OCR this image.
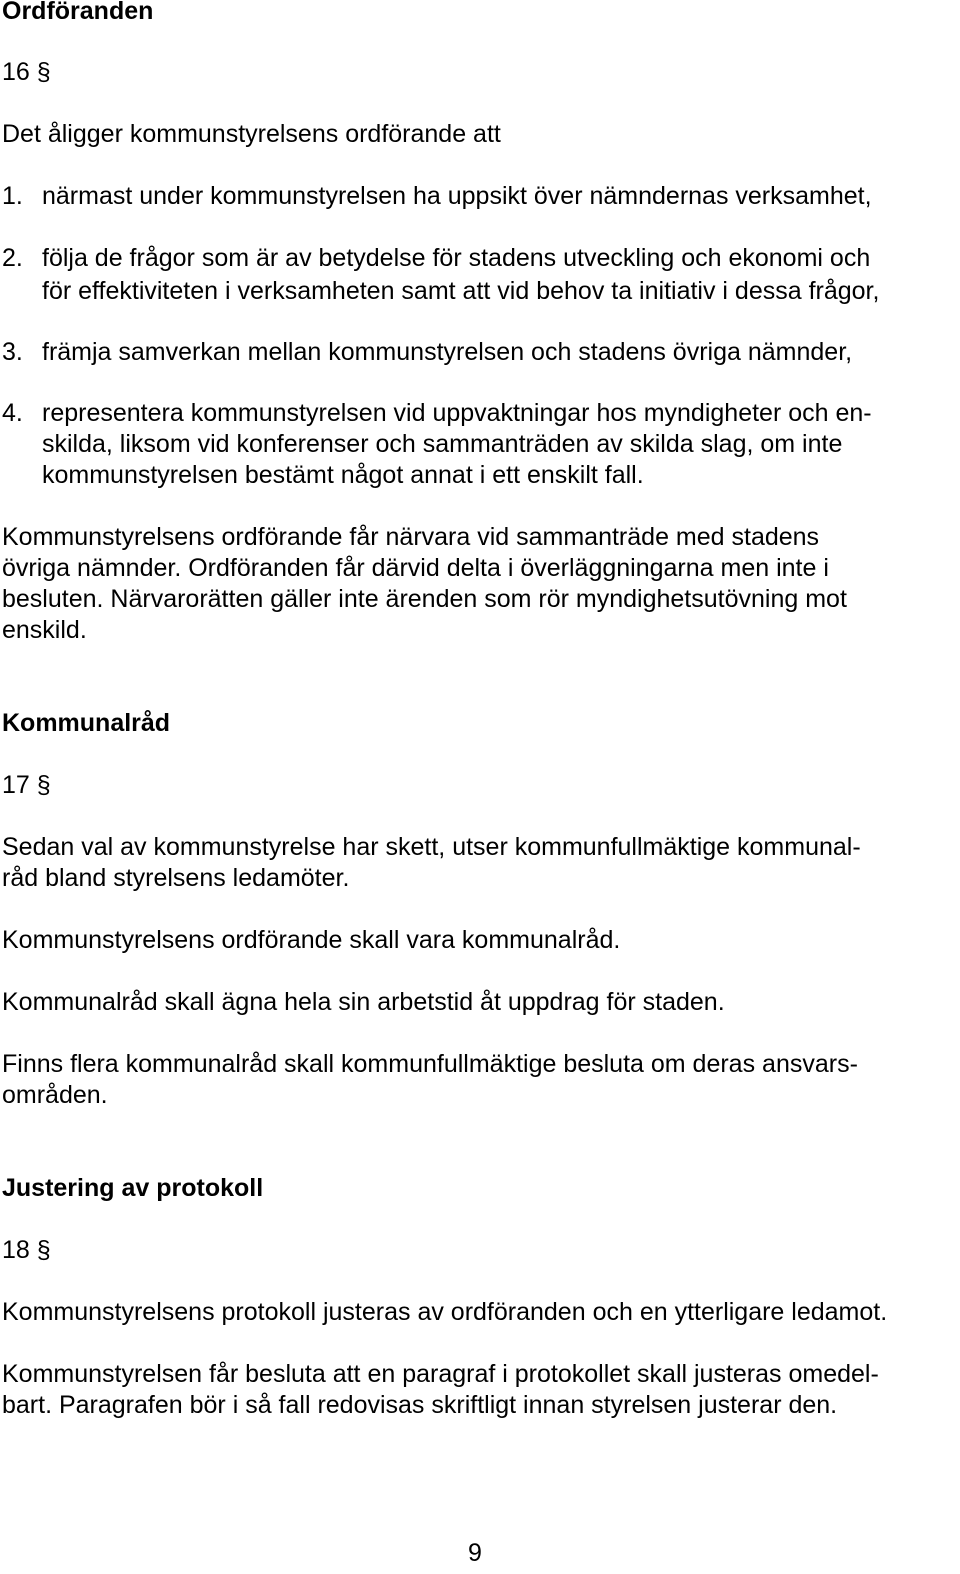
Ordföranden
16 §
Det åligger kommunstyrelsens ordförande att
1. närmast under kommunstyrelsen ha uppsikt över nämndernas verksamhet,
2. följa de frågor som är av betydelse för stadens utveckling och ekonomi och
för effektiviteten i verksamheten samt att vid behov ta initiativ i dessa frågor,
3. främja samverkan mellan kommunstyrelsen och stadens övriga nämnder,
4. representera kommunstyrelsen vid uppvaktningar hos myndigheter och en-
skilda, liksom vid konferenser och sammanträden av skilda slag, om inte
kommunstyrelsen bestämt något annat i ett enskilt fall.
Kommunstyrelsens ordförande får närvara vid sammanträde med stadens
övriga nämnder. Ordföranden får därvid delta i överläggningarna men inte i
besluten. Närvarorätten gäller inte ärenden som rör myndighetsutövning mot
enskild.
Kommunalråd
17 §
Sedan val av kommunstyrelse har skett, utser kommunfullmäktige kommunal-
råd bland styrelsens ledamöter.
Kommunstyrelsens ordförande skall vara kommunalråd.
Kommunalråd skall ägna hela sin arbetstid åt uppdrag för staden.
Finns flera kommunalråd skall kommunfullmäktige besluta om deras ansvars-
områden.
Justering av protokoll
18 §
Kommunstyrelsens protokoll justeras av ordföranden och en ytterligare ledamot.
Kommunstyrelsen får besluta att en paragraf i protokollet skall justeras omedel-
bart. Paragrafen bör i så fall redovisas skriftligt innan styrelsen justerar den.
9
